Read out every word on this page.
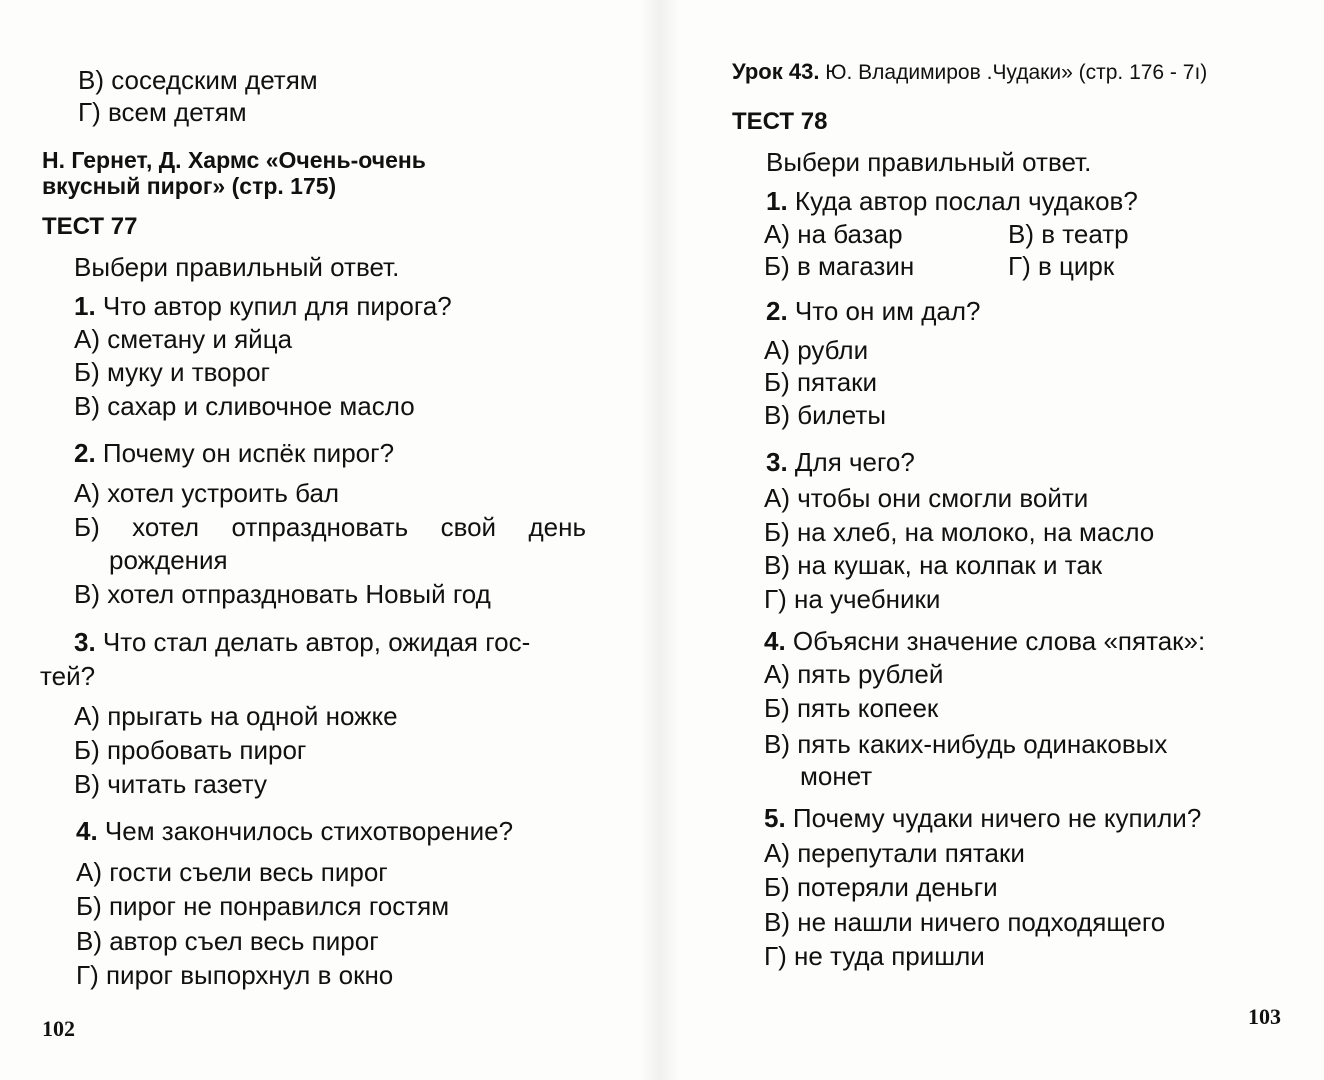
В) соседским детям
Г) всем детям
Н. Гернет, Д. Хармс «Очень-очень
вкусный пирог» (стр. 175)
ТЕСТ 77
Выбери правильный ответ.
1. Что автор купил для пирога?
А) сметану и яйца
Б) муку и творог
В) сахар и сливочное масло
2. Почему он испёк пирог?
А) хотел устроить бал
Б) хотел отпраздновать свой день
рождения
В) хотел отпраздновать Новый год
3. Что стал делать автор, ожидая гос-
тей?
А) прыгать на одной ножке
Б) пробовать пирог
В) читать газету
4. Чем закончилось стихотворение?
А) гости съели весь пирог
Б) пирог не понравился гостям
В) автор съел весь пирог
Г) пирог выпорхнул в окно
102
Урок 43. Ю. Владимиров .Чудаки» (стр. 176 - 7ı)
ТЕСТ 78
Выбери правильный ответ.
1. Куда автор послал чудаков?
А) на базар	В) в театр
Б) в магазин	Г) в цирк
2. Что он им дал?
А) рубли
Б) пятаки
В) билеты
3. Для чего?
А) чтобы они смогли войти
Б) на хлеб, на молоко, на масло
В) на кушак, на колпак и так
Г) на учебники
4. Объясни значение слова «пятак»:
А) пять рублей
Б) пять копеек
В) пять каких-нибудь одинаковых
монет
5. Почему чудаки ничего не купили?
А) перепутали пятаки
Б) потеряли деньги
В) не нашли ничего подходящего
Г) не туда пришли
103
